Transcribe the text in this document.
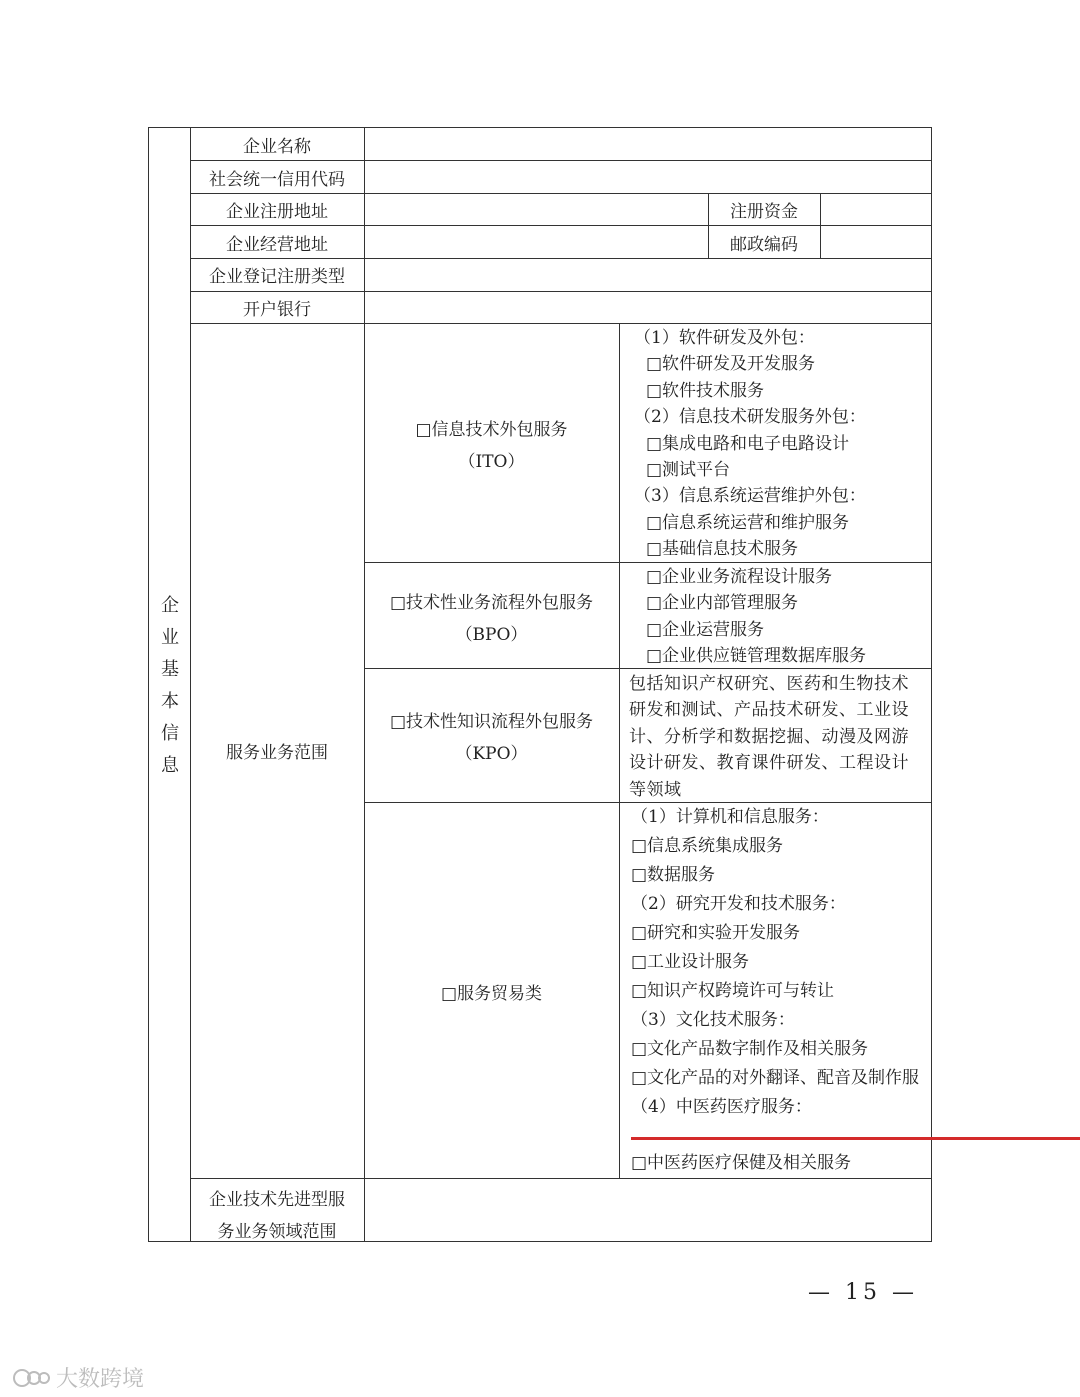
企
业
基
本
信
息
企业名称
社会统一信用代码
企业注册地址	注册资金
企业经营地址	邮政编码
企业登记注册类型
开户银行
服务业务范围
□信息技术外包服务
（ITO）
（1）软件研发及外包：
□软件研发及开发服务
□软件技术服务
（2）信息技术研发服务外包：
□集成电路和电子电路设计
□测试平台
（3）信息系统运营维护外包：
□信息系统运营和维护服务
□基础信息技术服务
□技术性业务流程外包服务
（BPO）
□企业业务流程设计服务
□企业内部管理服务
□企业运营服务
□企业供应链管理数据库服务
□技术性知识流程外包服务
（KPO）
包括知识产权研究、医药和生物技术
研发和测试、产品技术研发、工业设
计、分析学和数据挖掘、动漫及网游
设计研发、教育课件研发、工程设计
等领域
□服务贸易类
（1）计算机和信息服务：
□信息系统集成服务
□数据服务
（2）研究开发和技术服务：
□研究和实验开发服务
□工业设计服务
□知识产权跨境许可与转让
（3）文化技术服务：
□文化产品数字制作及相关服务
□文化产品的对外翻译、配音及制作服
（4）中医药医疗服务：
□中医药医疗保健及相关服务
企业技术先进型服
务业务领域范围
— 15 —
大数跨境
